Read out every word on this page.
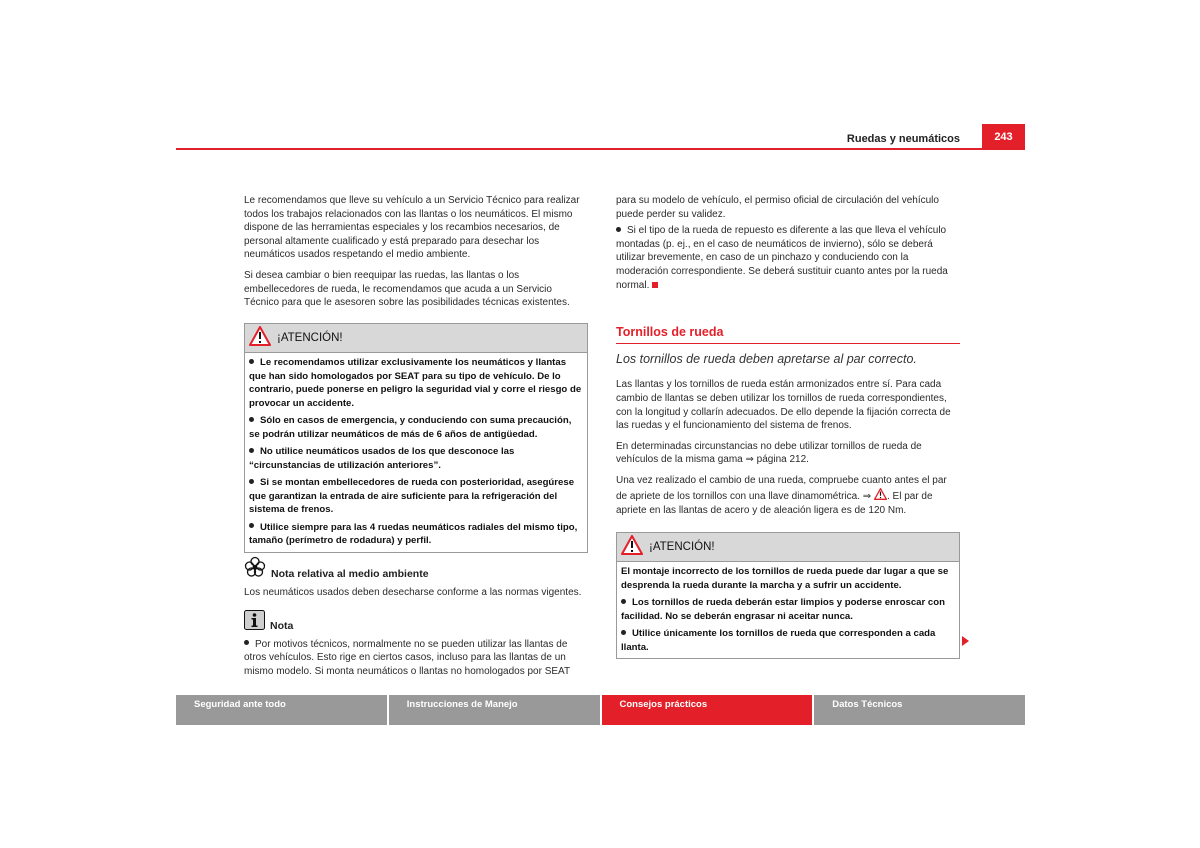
Ruedas y neumáticos	243

Le recomendamos que lleve su vehículo a un Servicio Técnico para realizar todos los trabajos relacionados con las llantas o los neumáticos. El mismo dispone de las herramientas especiales y los recambios necesarios, de personal altamente cualificado y está preparado para desechar los neumáticos usados respetando el medio ambiente.

Si desea cambiar o bien reequipar las ruedas, las llantas o los embellecedores de rueda, le recomendamos que acuda a un Servicio Técnico para que le asesoren sobre las posibilidades técnicas existentes.

¡ATENCIÓN!

Le recomendamos utilizar exclusivamente los neumáticos y llantas que han sido homologados por SEAT para su tipo de vehículo. De lo contrario, puede ponerse en peligro la seguridad vial y corre el riesgo de provocar un accidente.

Sólo en casos de emergencia, y conduciendo con suma precaución, se podrán utilizar neumáticos de más de 6 años de antigüedad.

No utilice neumáticos usados de los que desconoce las “circunstancias de utilización anteriores”.

Si se montan embellecedores de rueda con posterioridad, asegúrese que garantizan la entrada de aire suficiente para la refrigeración del sistema de frenos.

Utilice siempre para las 4 ruedas neumáticos radiales del mismo tipo, tamaño (perímetro de rodadura) y perfil.

Nota relativa al medio ambiente
Los neumáticos usados deben desecharse conforme a las normas vigentes.
Nota
Por motivos técnicos, normalmente no se pueden utilizar las llantas de otros vehículos. Esto rige en ciertos casos, incluso para las llantas de un mismo modelo. Si monta neumáticos o llantas no homologados por SEAT

para su modelo de vehículo, el permiso oficial de circulación del vehículo puede perder su validez.

Si el tipo de la rueda de repuesto es diferente a las que lleva el vehículo montadas (p. ej., en el caso de neumáticos de invierno), sólo se deberá utilizar brevemente, en caso de un pinchazo y conduciendo con la moderación correspondiente. Se deberá sustituir cuanto antes por la rueda normal.

Tornillos de rueda
Los tornillos de rueda deben apretarse al par correcto.

Las llantas y los tornillos de rueda están armonizados entre sí. Para cada cambio de llantas se deben utilizar los tornillos de rueda correspondientes, con la longitud y collarín adecuados. De ello depende la fijación correcta de las ruedas y el funcionamiento del sistema de frenos.

En determinadas circunstancias no debe utilizar tornillos de rueda de vehículos de la misma gama ⇒ página 212.

Una vez realizado el cambio de una rueda, compruebe cuanto antes el par de apriete de los tornillos con una llave dinamométrica. ⇒ . El par de apriete en las llantas de acero y de aleación ligera es de 120 Nm.

¡ATENCIÓN!

El montaje incorrecto de los tornillos de rueda puede dar lugar a que se desprenda la rueda durante la marcha y a sufrir un accidente.

Los tornillos de rueda deberán estar limpios y poderse enroscar con facilidad. No se deberán engrasar ni aceitar nunca.

Utilice únicamente los tornillos de rueda que corresponden a cada llanta.

Seguridad ante todo	Instrucciones de Manejo	Consejos prácticos	Datos Técnicos
